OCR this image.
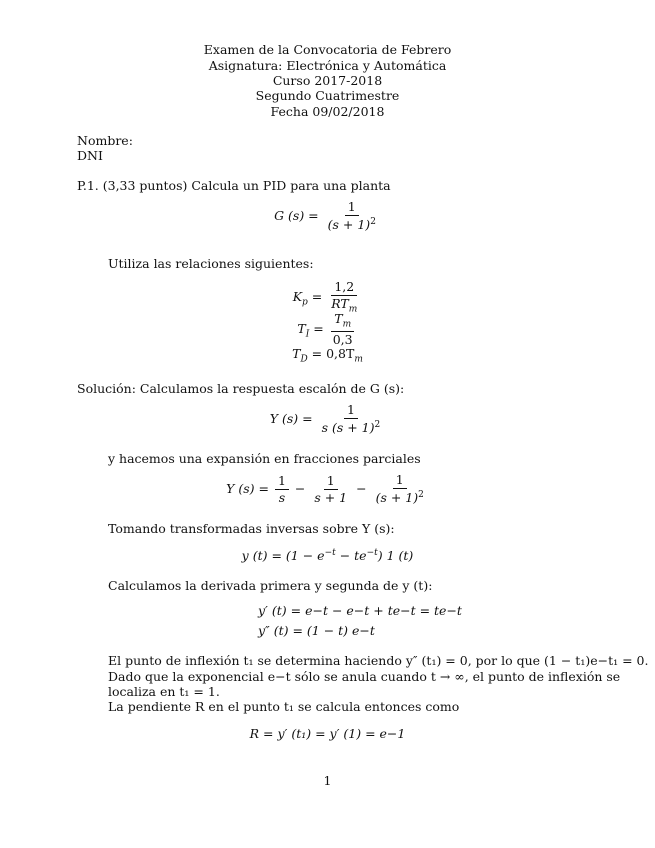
Examen de la Convocatoria de Febrero
Asignatura: Electrónica y Automática
Curso 2017-2018
Segundo Cuatrimestre
Fecha 09/02/2018
Nombre:
DNI
P.1. (3,33 puntos) Calcula un PID para una planta
G $(s) = \frac{1}{(s + 1)^2}$
Utiliza las relaciones siguientes:
$K_p = \frac{1,2}{RT_m}$
$T_I = \frac{T_m}{0,3}$
$T_D = 0,8T_m$
Solución: Calculamos la respuesta escalón de G (s):
Y $(s) = \frac{1}{s (s + 1)^2}$
y hacemos una expansión en fracciones parciales
Y $(s) = \frac{1}{s} - \frac{1}{s + 1} - \frac{1}{(s + 1)^2}$
Tomando transformadas inversas sobre Y (s):
y $(t) = (1 - e^{-t} - te^{-t})$ 1 (t)
Calculamos la derivada primera y segunda de y (t):
y′ (t) = e−t − e−t + te−t = te−t
y″ (t) = (1 − t) e−t
El punto de inflexión t₁ se determina haciendo y″ (t₁) = 0, por lo que (1 − t₁)e−t₁ = 0.
Dado que la exponencial e−t sólo se anula cuando t → ∞, el punto de inflexión se
localiza en t₁ = 1.
La pendiente R en el punto t₁ se calcula entonces como
R = y′ (t₁) = y′ (1) = e−1
1
